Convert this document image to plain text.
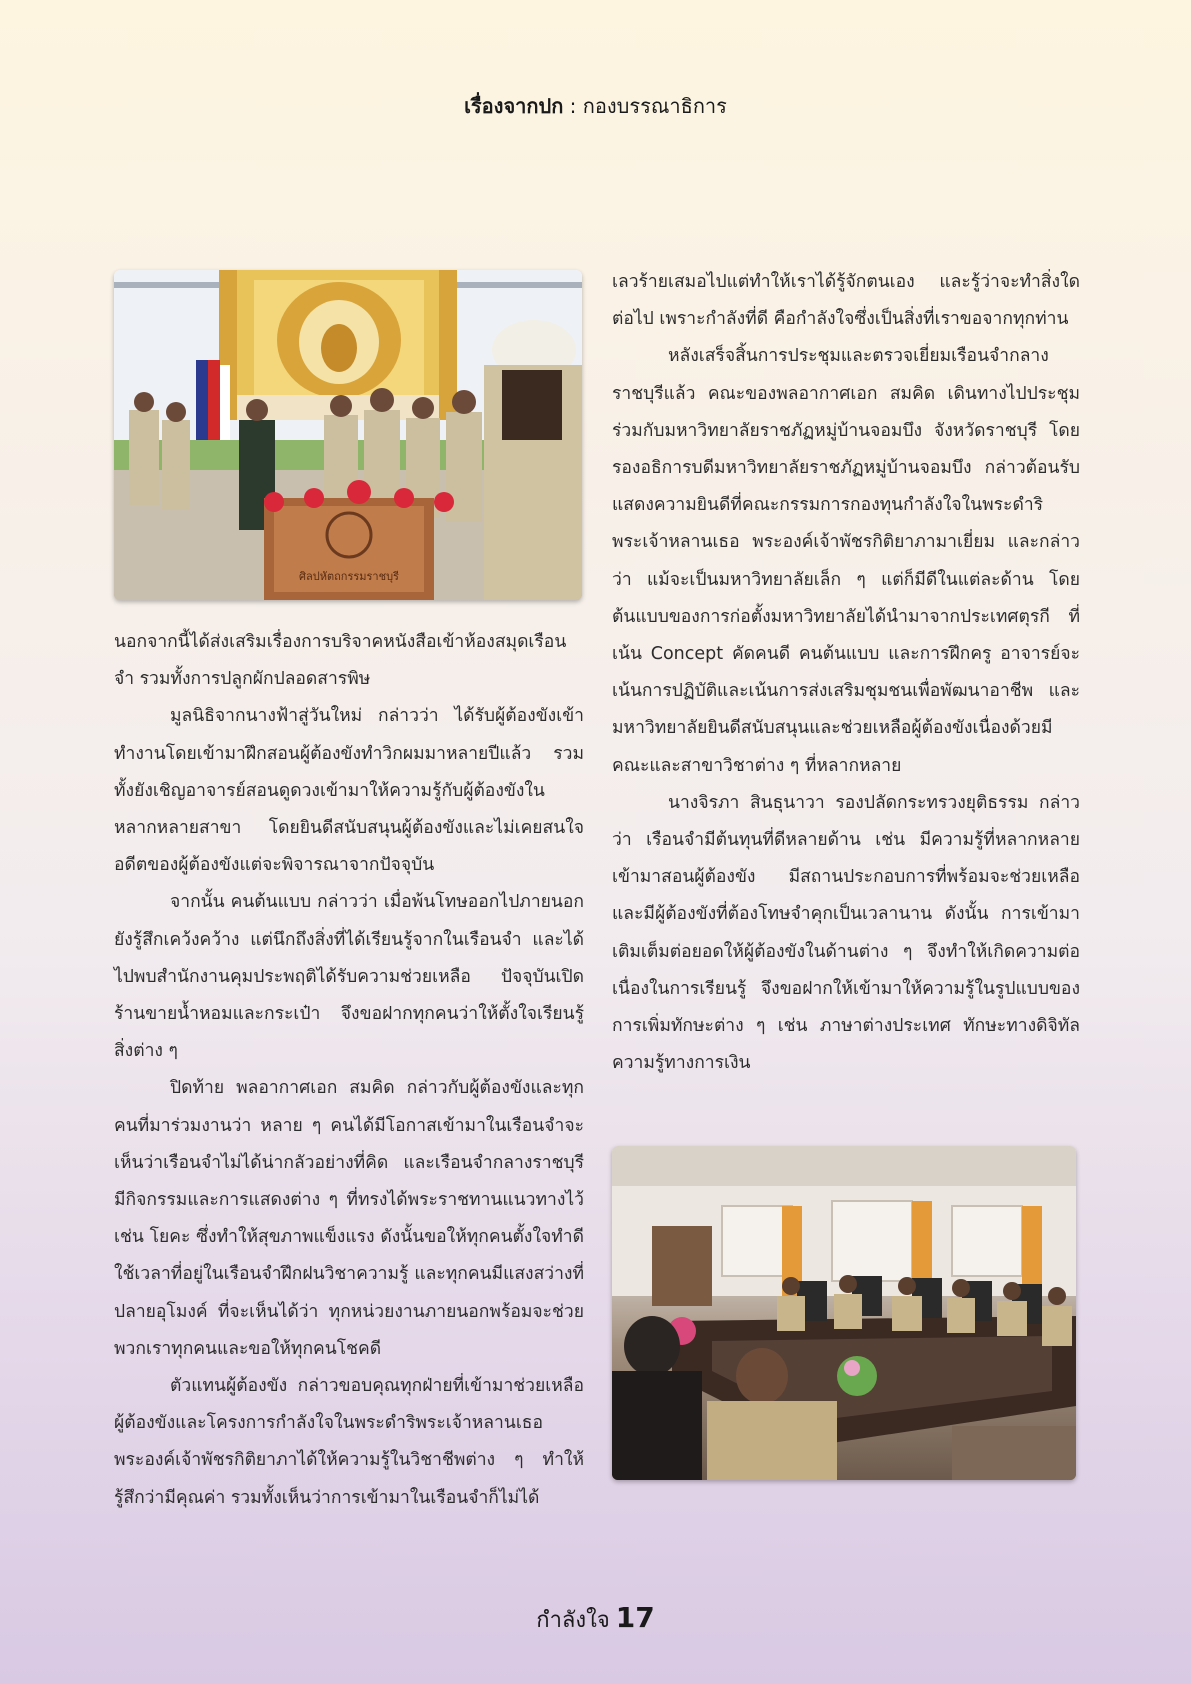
เรื่องจากปก : กองบรรณาธิการ
ศิลปหัตถกรรมราชบุรี

นอกจากนี้ได้ส่งเสริมเรื่องการบริจาคหนังสือเข้าห้องสมุดเรือนจำ รวมทั้งการปลูกผักปลอดสารพิษ

มูลนิธิจากนางฟ้าสู่วันใหม่ กล่าวว่า ได้รับผู้ต้องขังเข้าทำงานโดยเข้ามาฝึกสอนผู้ต้องขังทำวิกผมมาหลายปีแล้ว รวมทั้งยังเชิญอาจารย์สอนดูดวงเข้ามาให้ความรู้กับผู้ต้องขังในหลากหลายสาขา โดยยินดีสนับสนุนผู้ต้องขังและไม่เคยสนใจอดีตของผู้ต้องขังแต่จะพิจารณาจากปัจจุบัน

จากนั้น คนต้นแบบ กล่าวว่า เมื่อพ้นโทษออกไปภายนอก ยังรู้สึกเคว้งคว้าง แต่นึกถึงสิ่งที่ได้เรียนรู้จากในเรือนจำ และได้ไปพบสำนักงานคุมประพฤติได้รับความช่วยเหลือ ปัจจุบันเปิดร้านขายน้ำหอมและกระเป๋า จึงขอฝากทุกคนว่าให้ตั้งใจเรียนรู้สิ่งต่าง ๆ

ปิดท้าย พลอากาศเอก สมคิด กล่าวกับผู้ต้องขังและทุกคนที่มาร่วมงานว่า หลาย ๆ คนได้มีโอกาสเข้ามาในเรือนจำจะเห็นว่าเรือนจำไม่ได้น่ากลัวอย่างที่คิด และเรือนจำกลางราชบุรีมีกิจกรรมและการแสดงต่าง ๆ ที่ทรงได้พระราชทานแนวทางไว้ เช่น โยคะ ซึ่งทำให้สุขภาพแข็งแรง ดังนั้นขอให้ทุกคนตั้งใจทำดี ใช้เวลาที่อยู่ในเรือนจำฝึกฝนวิชาความรู้ และทุกคนมีแสงสว่างที่ปลายอุโมงค์ ที่จะเห็นได้ว่า ทุกหน่วยงานภายนอกพร้อมจะช่วยพวกเราทุกคนและขอให้ทุกคนโชคดี

ตัวแทนผู้ต้องขัง กล่าวขอบคุณทุกฝ่ายที่เข้ามาช่วยเหลือผู้ต้องขังและโครงการกำลังใจในพระดำริพระเจ้าหลานเธอ พระองค์เจ้าพัชรกิติยาภาได้ให้ความรู้ในวิชาชีพต่าง ๆ ทำให้รู้สึกว่ามีคุณค่า รวมทั้งเห็นว่าการเข้ามาในเรือนจำก็ไม่ได้

เลวร้ายเสมอไปแต่ทำให้เราได้รู้จักตนเอง และรู้ว่าจะทำสิ่งใดต่อไป เพราะกำลังที่ดี คือกำลังใจซึ่งเป็นสิ่งที่เราขอจากทุกท่าน

หลังเสร็จสิ้นการประชุมและตรวจเยี่ยมเรือนจำกลางราชบุรีแล้ว คณะของพลอากาศเอก สมคิด เดินทางไปประชุมร่วมกับมหาวิทยาลัยราชภัฏหมู่บ้านจอมบึง จังหวัดราชบุรี โดยรองอธิการบดีมหาวิทยาลัยราชภัฏหมู่บ้านจอมบึง กล่าวต้อนรับแสดงความยินดีที่คณะกรรมการกองทุนกำลังใจในพระดำริพระเจ้าหลานเธอ พระองค์เจ้าพัชรกิติยาภามาเยี่ยม และกล่าวว่า แม้จะเป็นมหาวิทยาลัยเล็ก ๆ แต่ก็มีดีในแต่ละด้าน โดยต้นแบบของการก่อตั้งมหาวิทยาลัยได้นำมาจากประเทศตุรกี ที่เน้น Concept คัดคนดี คนต้นแบบ และการฝึกครู อาจารย์จะเน้นการปฏิบัติและเน้นการส่งเสริมชุมชนเพื่อพัฒนาอาชีพ และมหาวิทยาลัยยินดีสนับสนุนและช่วยเหลือผู้ต้องขังเนื่องด้วยมีคณะและสาขาวิชาต่าง ๆ ที่หลากหลาย

นางจิรภา สินธุนาวา รองปลัดกระทรวงยุติธรรม กล่าวว่า เรือนจำมีต้นทุนที่ดีหลายด้าน เช่น มีความรู้ที่หลากหลายเข้ามาสอนผู้ต้องขัง มีสถานประกอบการที่พร้อมจะช่วยเหลือ และมีผู้ต้องขังที่ต้องโทษจำคุกเป็นเวลานาน ดังนั้น การเข้ามาเติมเต็มต่อยอดให้ผู้ต้องขังในด้านต่าง ๆ จึงทำให้เกิดความต่อเนื่องในการเรียนรู้ จึงขอฝากให้เข้ามาให้ความรู้ในรูปแบบของการเพิ่มทักษะต่าง ๆ เช่น ภาษาต่างประเทศ ทักษะทางดิจิทัล ความรู้ทางการเงิน

กำลังใจ 17
